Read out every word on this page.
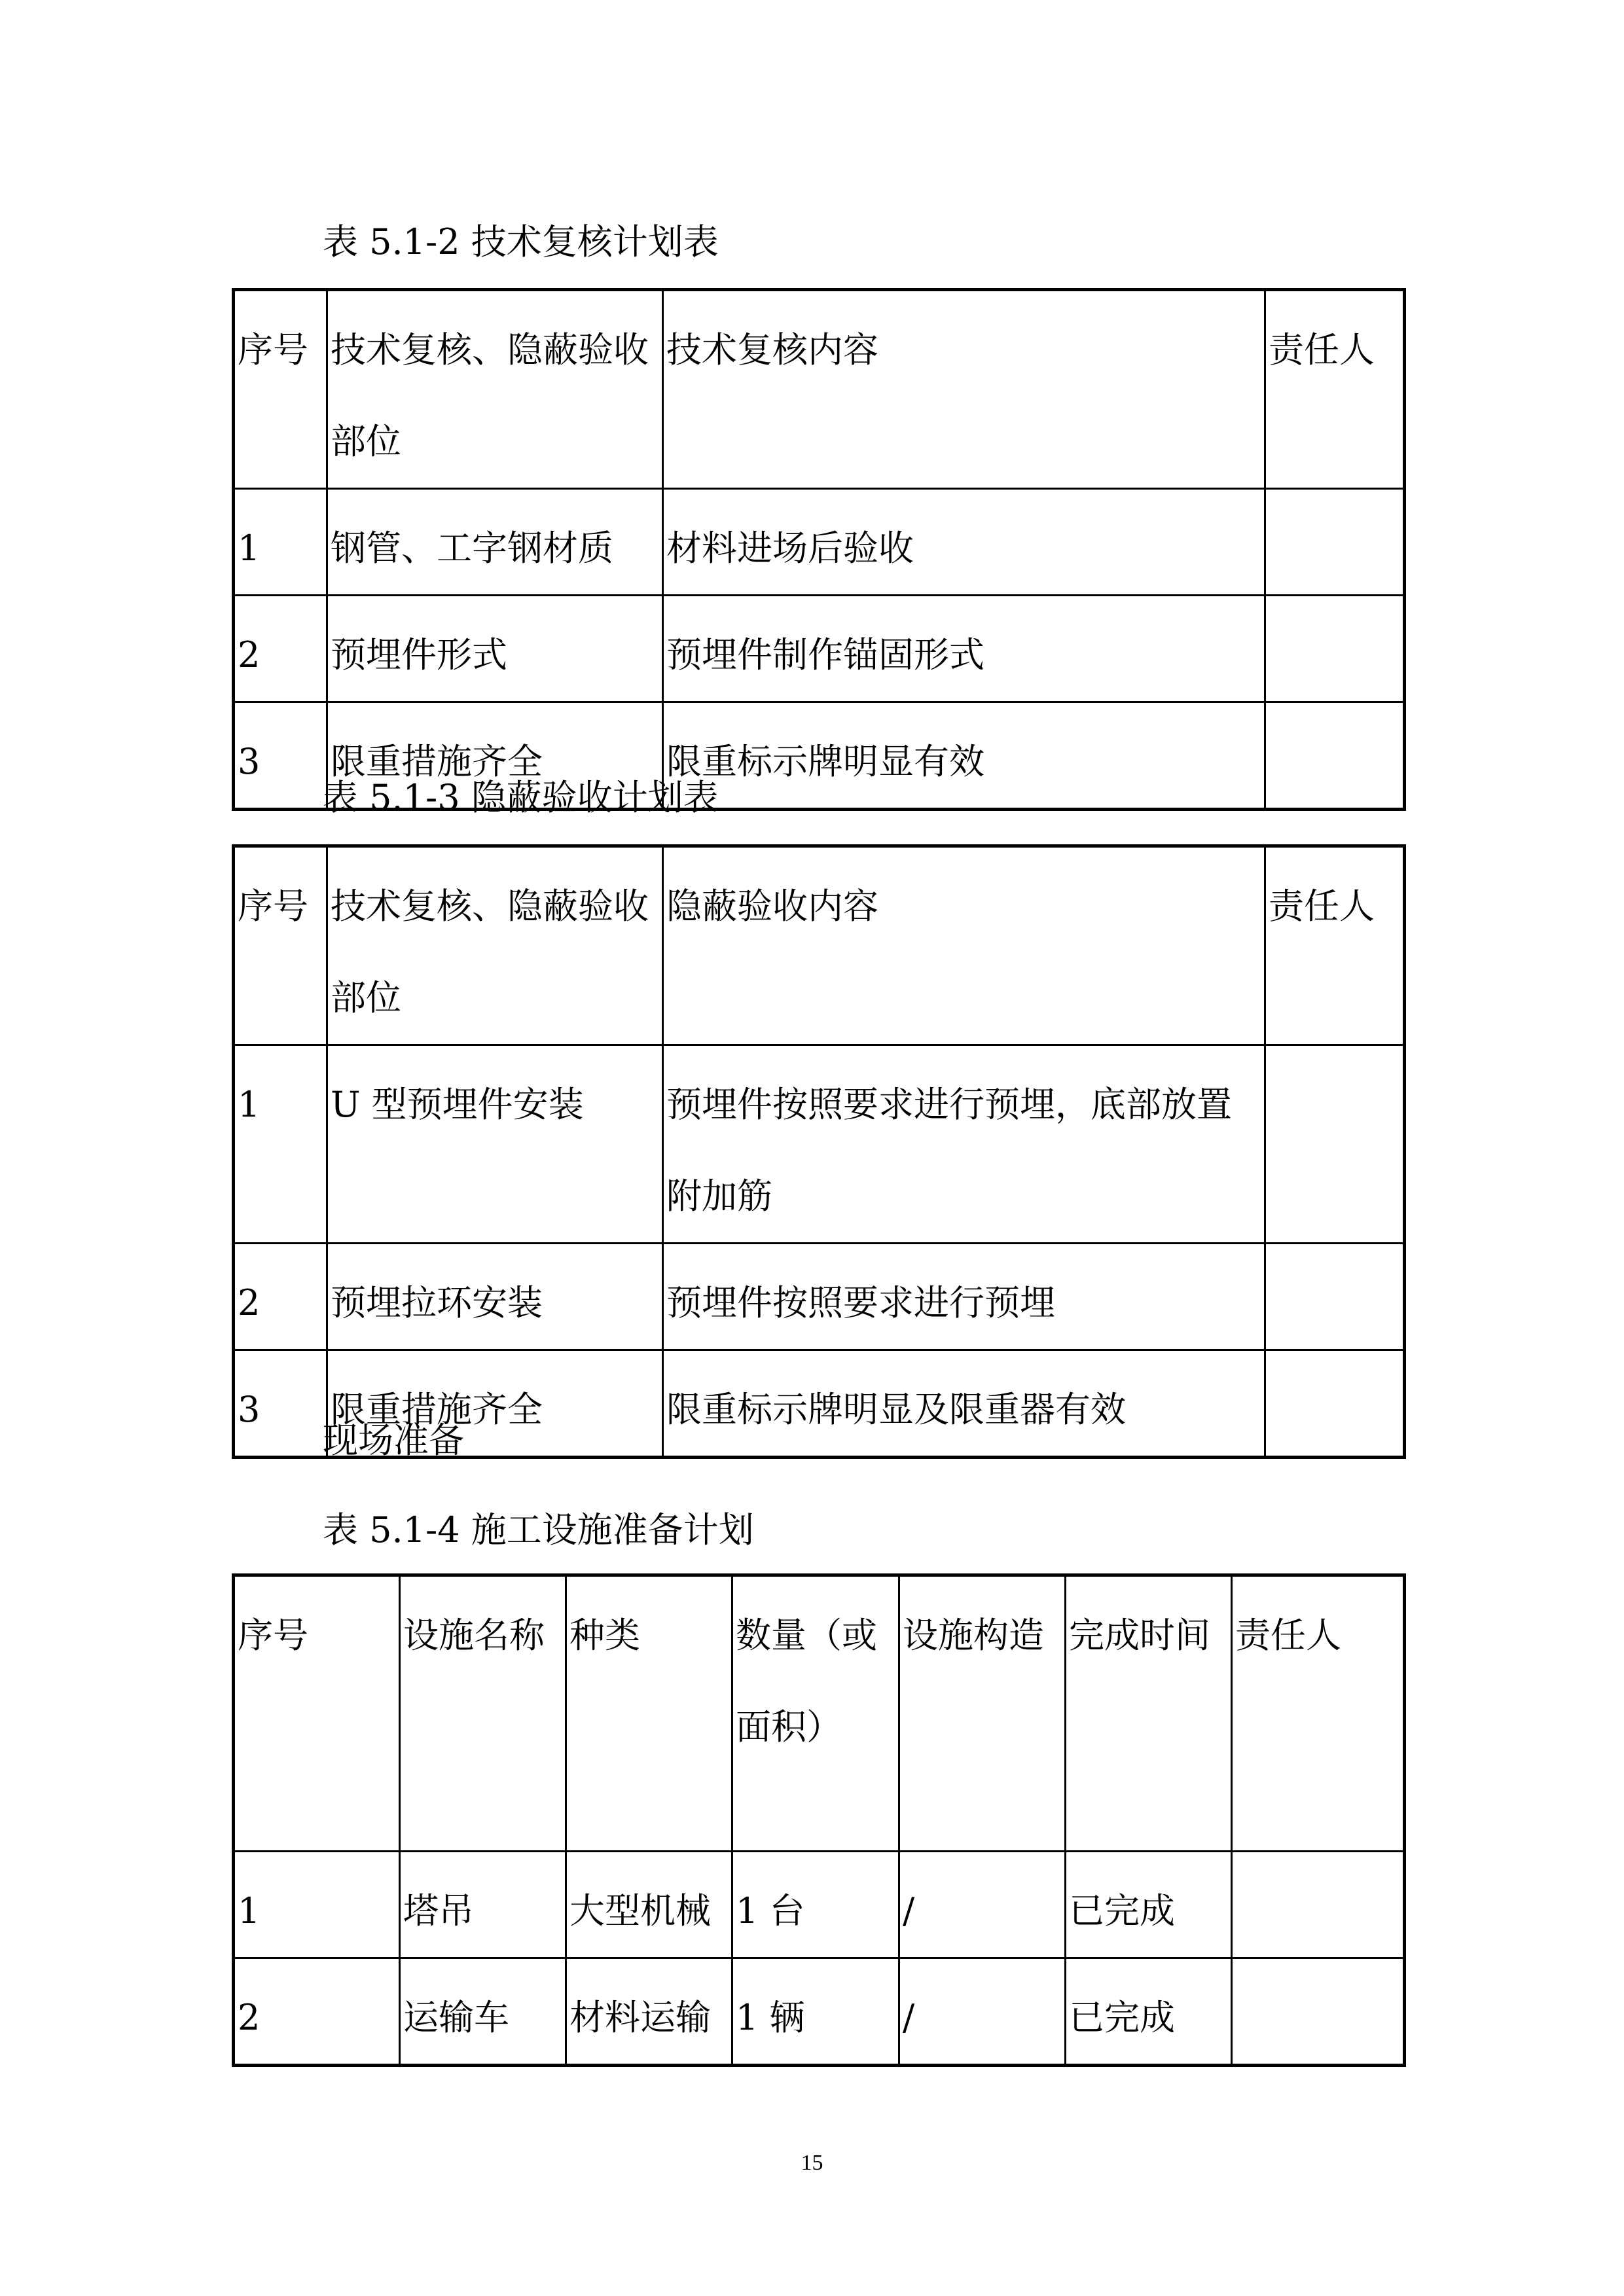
表 5.1-2 技术复核计划表
序号	技术复核、隐蔽验收部位	技术复核内容	责任人
1	钢管、工字钢材质	材料进场后验收	
2	预埋件形式	预埋件制作锚固形式	
3	限重措施齐全	限重标示牌明显有效	
表 5.1-3 隐蔽验收计划表
序号	技术复核、隐蔽验收部位	隐蔽验收内容	责任人
1	U 型预埋件安装	预埋件按照要求进行预埋，底部放置附加筋	
2	预埋拉环安装	预埋件按照要求进行预埋	
3	限重措施齐全	限重标示牌明显及限重器有效	
现场准备
表 5.1-4 施工设施准备计划
序号	设施名称	种类	数量（或面积）	设施构造	完成时间	责任人
1	塔吊	大型机械	1 台	/	已完成	
2	运输车	材料运输	1 辆	/	已完成	
15
